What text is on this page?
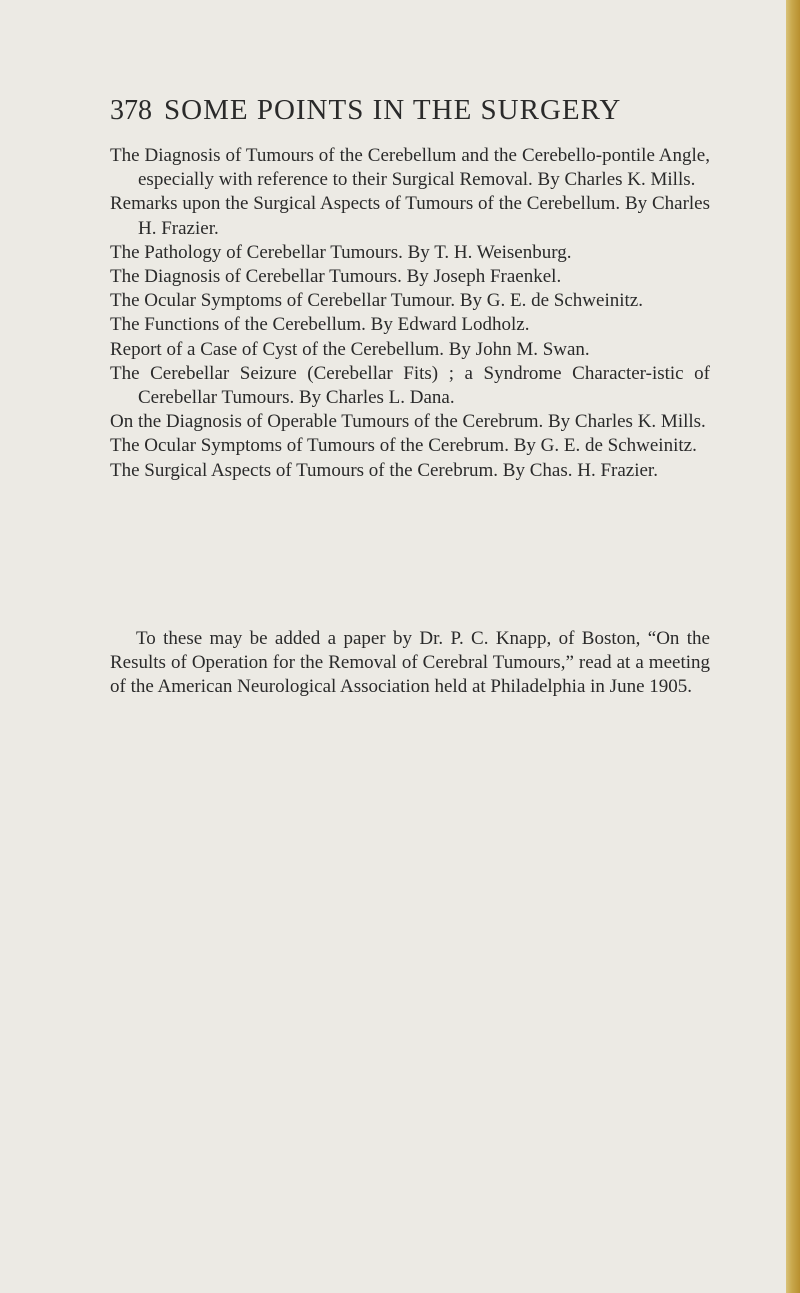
378 SOME POINTS IN THE SURGERY
The Diagnosis of Tumours of the Cerebellum and the Cerebello-pontile Angle, especially with reference to their Surgical Removal. By Charles K. Mills.
Remarks upon the Surgical Aspects of Tumours of the Cerebellum. By Charles H. Frazier.
The Pathology of Cerebellar Tumours. By T. H. Weisenburg.
The Diagnosis of Cerebellar Tumours. By Joseph Fraenkel.
The Ocular Symptoms of Cerebellar Tumour. By G. E. de Schweinitz.
The Functions of the Cerebellum. By Edward Lodholz.
Report of a Case of Cyst of the Cerebellum. By John M. Swan.
The Cerebellar Seizure (Cerebellar Fits) ; a Syndrome Character-istic of Cerebellar Tumours. By Charles L. Dana.
On the Diagnosis of Operable Tumours of the Cerebrum. By Charles K. Mills.
The Ocular Symptoms of Tumours of the Cerebrum. By G. E. de Schweinitz.
The Surgical Aspects of Tumours of the Cerebrum. By Chas. H. Frazier.

To these may be added a paper by Dr. P. C. Knapp, of Boston, “On the Results of Operation for the Removal of Cerebral Tumours,” read at a meeting of the American Neurological Association held at Philadelphia in June 1905.
